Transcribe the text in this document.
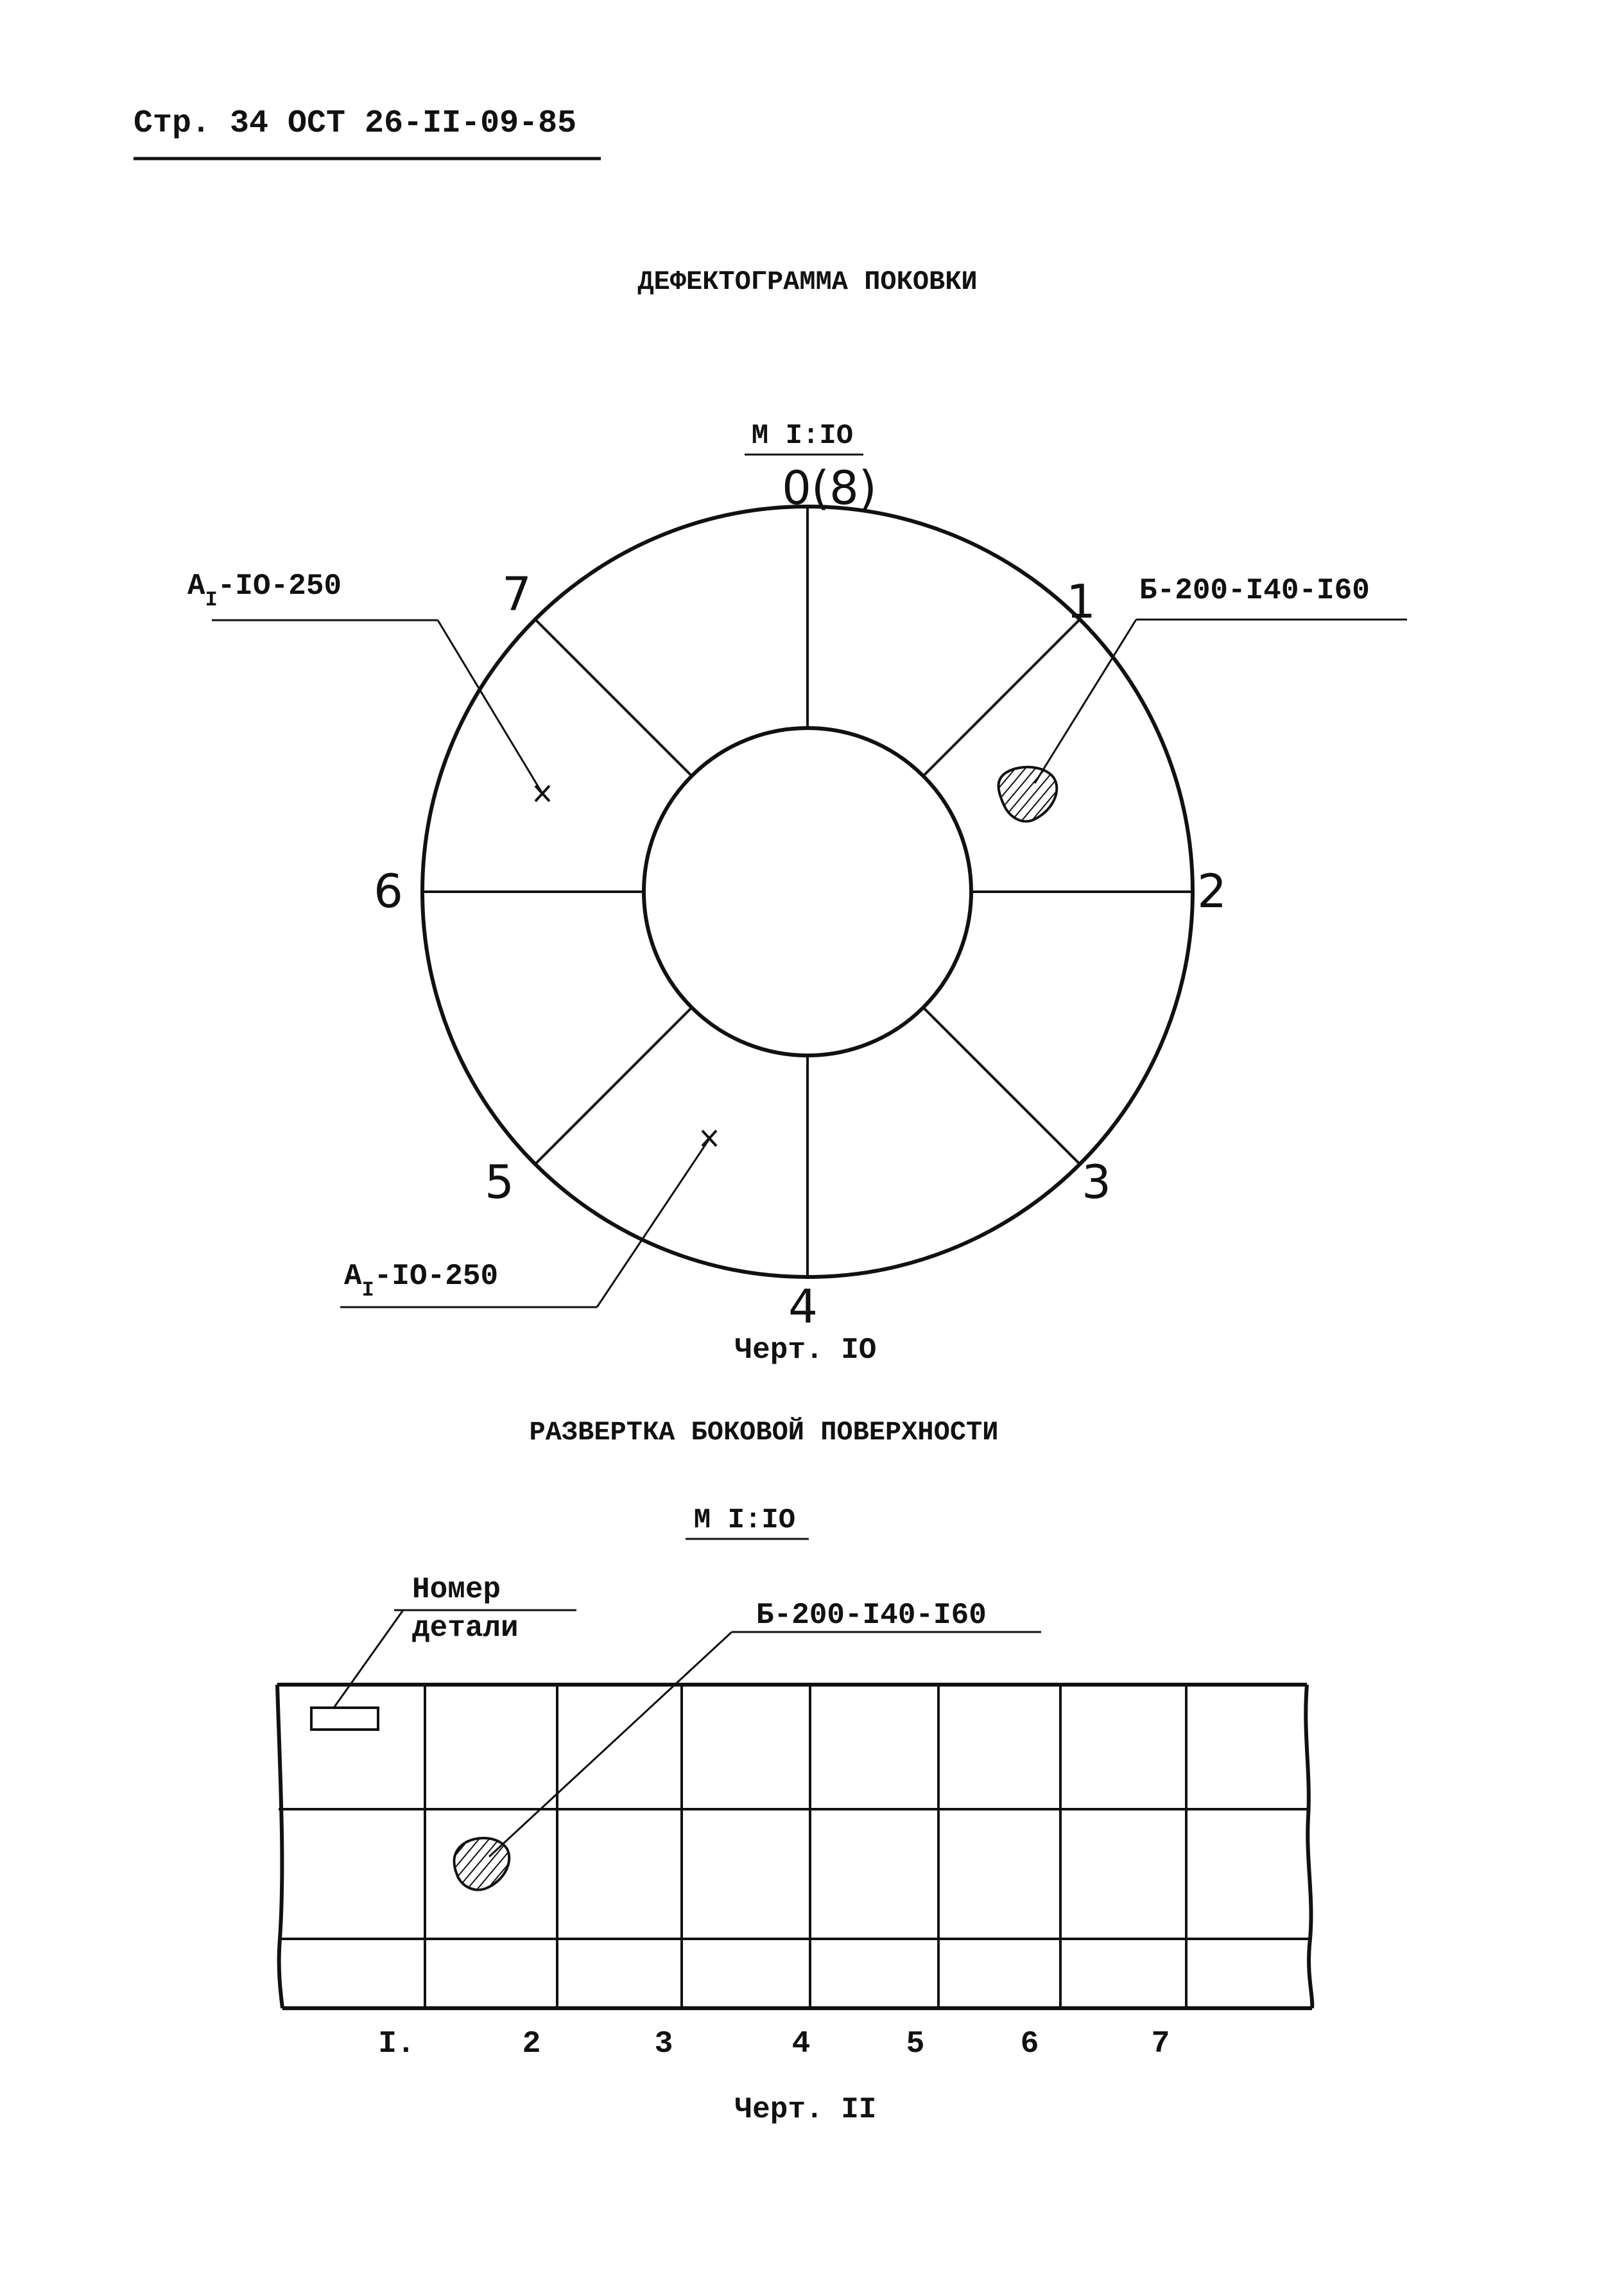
Стр. 34 ОСТ 26-II-09-85
ДЕФЕКТОГРАММА ПОКОВКИ
М I:IO
0(8)
1
2
3
4
5
6
7	Б-200-I40-I60
$A_I-IO-250$
$A_I-IO-250$
Черт. IO
РАЗВЕРТКА БОКОВОЙ ПОВЕРХНОСТИ
М I:IO
Номер
детали	Б-200-I40-I60
I.	2	3	4	5	6	7
Черт. II
